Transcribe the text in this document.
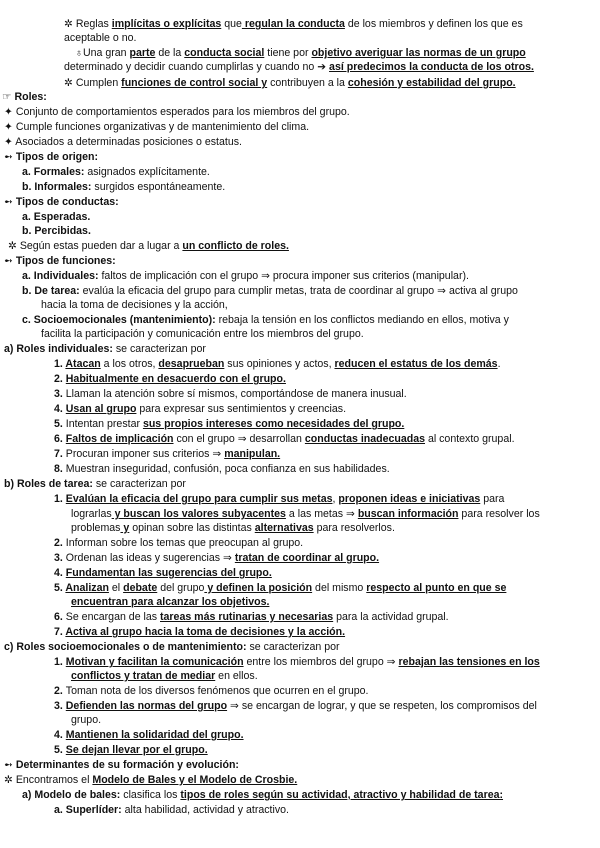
✲ Reglas implícitas o explícitas que regulan la conducta de los miembros y definen los que es
aceptable o no.
♁Una gran parte de la conducta social tiene por objetivo averiguar las normas de un grupo
determinado y decidir cuando cumplirlas y cuando no ➔ así predecimos la conducta de los otros.
✲ Cumplen funciones de control social y contribuyen a la cohesión y estabilidad del grupo.
☞ Roles:
✦ Conjunto de comportamientos esperados para los miembros del grupo.
✦ Cumple funciones organizativas y de mantenimiento del clima.
✦ Asociados a determinadas posiciones o estatus.
➻ Tipos de origen:
a. Formales: asignados explícitamente.
b. Informales: surgidos espontáneamente.
➻ Tipos de conductas:
a. Esperadas.
b. Percibidas.
✲ Según estas pueden dar a lugar a un conflicto de roles.
➻ Tipos de funciones:
a. Individuales: faltos de implicación con el grupo ⇒ procura imponer sus criterios (manipular).
b. De tarea: evalúa la eficacia del grupo para cumplir metas, trata de coordinar al grupo ⇒ activa al grupo
hacia la toma de decisiones y la acción,
c. Socioemocionales (mantenimiento): rebaja la tensión en los conflictos mediando en ellos, motiva y
facilita la participación y comunicación entre los miembros del grupo.
a) Roles individuales: se caracterizan por
1. Atacan a los otros, desaprueban sus opiniones y actos, reducen el estatus de los demás.
2. Habitualmente en desacuerdo con el grupo.
3. Llaman la atención sobre sí mismos, comportándose de manera inusual.
4. Usan al grupo para expresar sus sentimientos y creencias.
5. Intentan prestar sus propios intereses como necesidades del grupo.
6. Faltos de implicación con el grupo ⇒ desarrollan conductas inadecuadas al contexto grupal.
7. Procuran imponer sus criterios ⇒ manipulan.
8. Muestran inseguridad, confusión, poca confianza en sus habilidades.
b) Roles de tarea: se caracterizan por
1. Evalúan la eficacia del grupo para cumplir sus metas, proponen ideas e iniciativas para
lograrlas y buscan los valores subyacentes a las metas ⇒ buscan información para resolver los
problemas y opinan sobre las distintas alternativas para resolverlos.
2. Informan sobre los temas que preocupan al grupo.
3. Ordenan las ideas y sugerencias ⇒ tratan de coordinar al grupo.
4. Fundamentan las sugerencias del grupo.
5. Analizan el debate del grupo y definen la posición del mismo respecto al punto en que se
encuentran para alcanzar los objetivos.
6. Se encargan de las tareas más rutinarias y necesarias para la actividad grupal.
7. Activa al grupo hacia la toma de decisiones y la acción.
c) Roles socioemocionales o de mantenimiento: se caracterizan por
1. Motivan y facilitan la comunicación entre los miembros del grupo ⇒ rebajan las tensiones en los
conflictos y tratan de mediar en ellos.
2. Toman nota de los diversos fenómenos que ocurren en el grupo.
3. Defienden las normas del grupo ⇒ se encargan de lograr, y que se respeten, los compromisos del
grupo.
4. Mantienen la solidaridad del grupo.
5. Se dejan llevar por el grupo.
➻ Determinantes de su formación y evolución:
✲ Encontramos el Modelo de Bales y el Modelo de Crosbie.
a) Modelo de bales: clasifica los tipos de roles según su actividad, atractivo y habilidad de tarea:
a. Superlíder: alta habilidad, actividad y atractivo.
